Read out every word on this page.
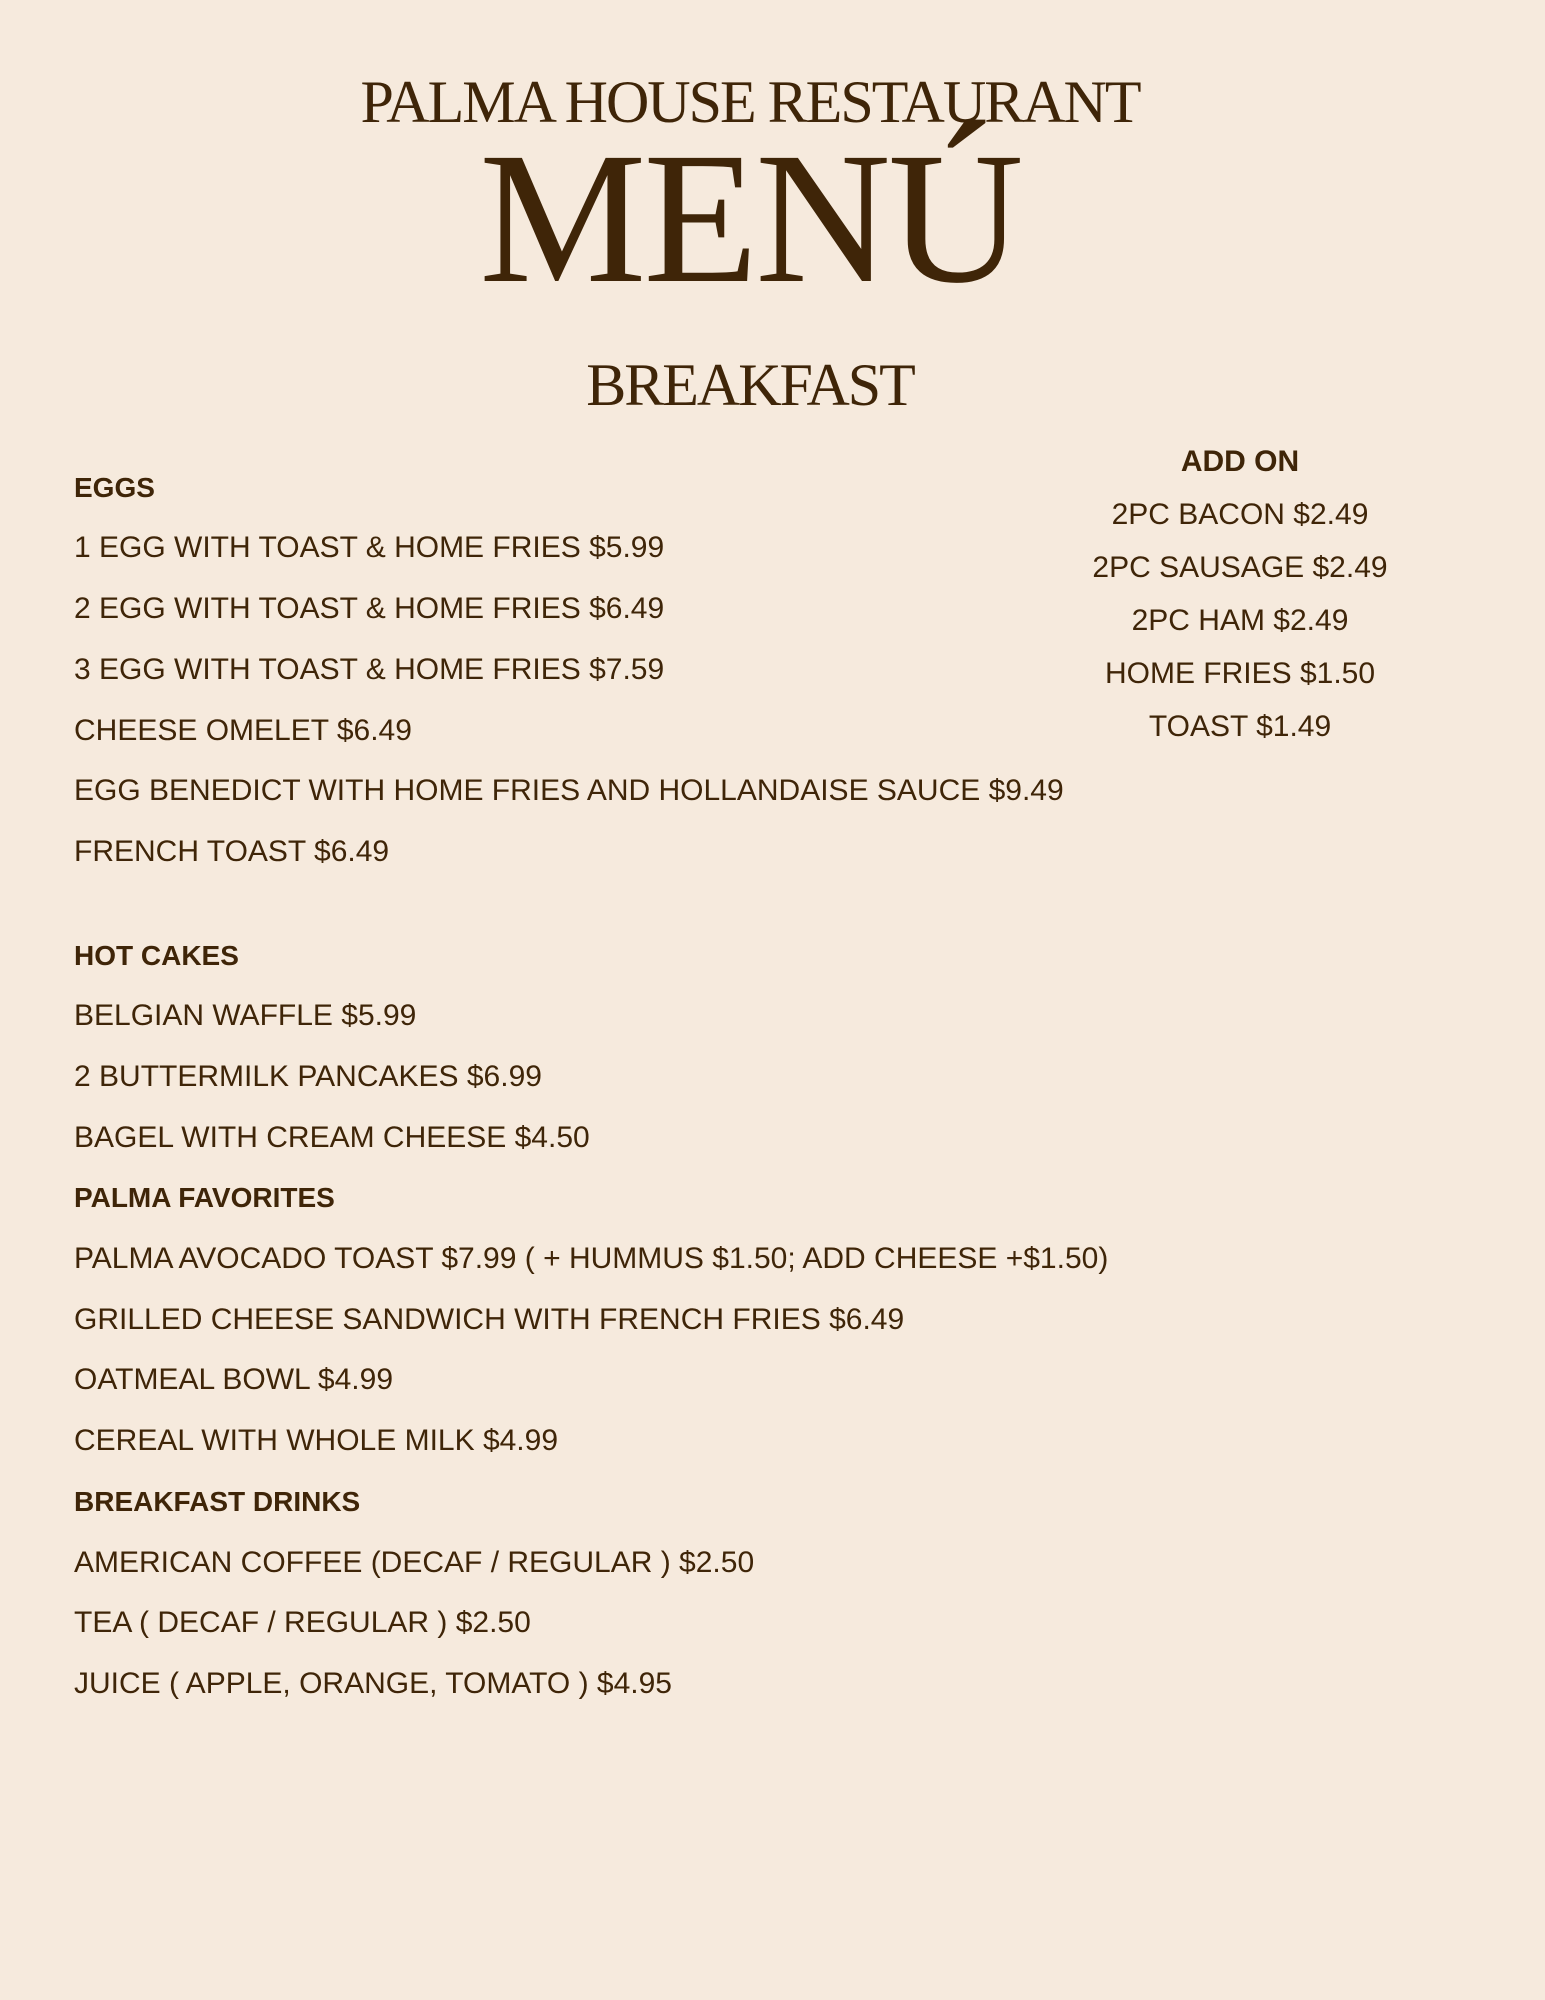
PALMA HOUSE RESTAURANT
MENÚ
BREAKFAST
EGGS
1 EGG WITH TOAST & HOME FRIES $5.99
2 EGG WITH TOAST & HOME FRIES $6.49
3 EGG WITH TOAST & HOME FRIES $7.59
CHEESE OMELET $6.49
EGG BENEDICT WITH HOME FRIES AND HOLLANDAISE SAUCE $9.49
FRENCH TOAST $6.49
HOT CAKES
BELGIAN WAFFLE $5.99
2 BUTTERMILK PANCAKES $6.99
BAGEL WITH CREAM CHEESE $4.50
PALMA FAVORITES
PALMA AVOCADO TOAST $7.99 ( + HUMMUS $1.50; ADD CHEESE +$1.50)
GRILLED CHEESE SANDWICH WITH FRENCH FRIES $6.49
OATMEAL BOWL $4.99
CEREAL WITH WHOLE MILK $4.99
BREAKFAST DRINKS
AMERICAN COFFEE (DECAF / REGULAR ) $2.50
TEA ( DECAF / REGULAR ) $2.50
JUICE ( APPLE, ORANGE, TOMATO ) $4.95
ADD ON
2PC BACON $2.49
2PC SAUSAGE $2.49
2PC HAM $2.49
HOME FRIES $1.50
TOAST $1.49
